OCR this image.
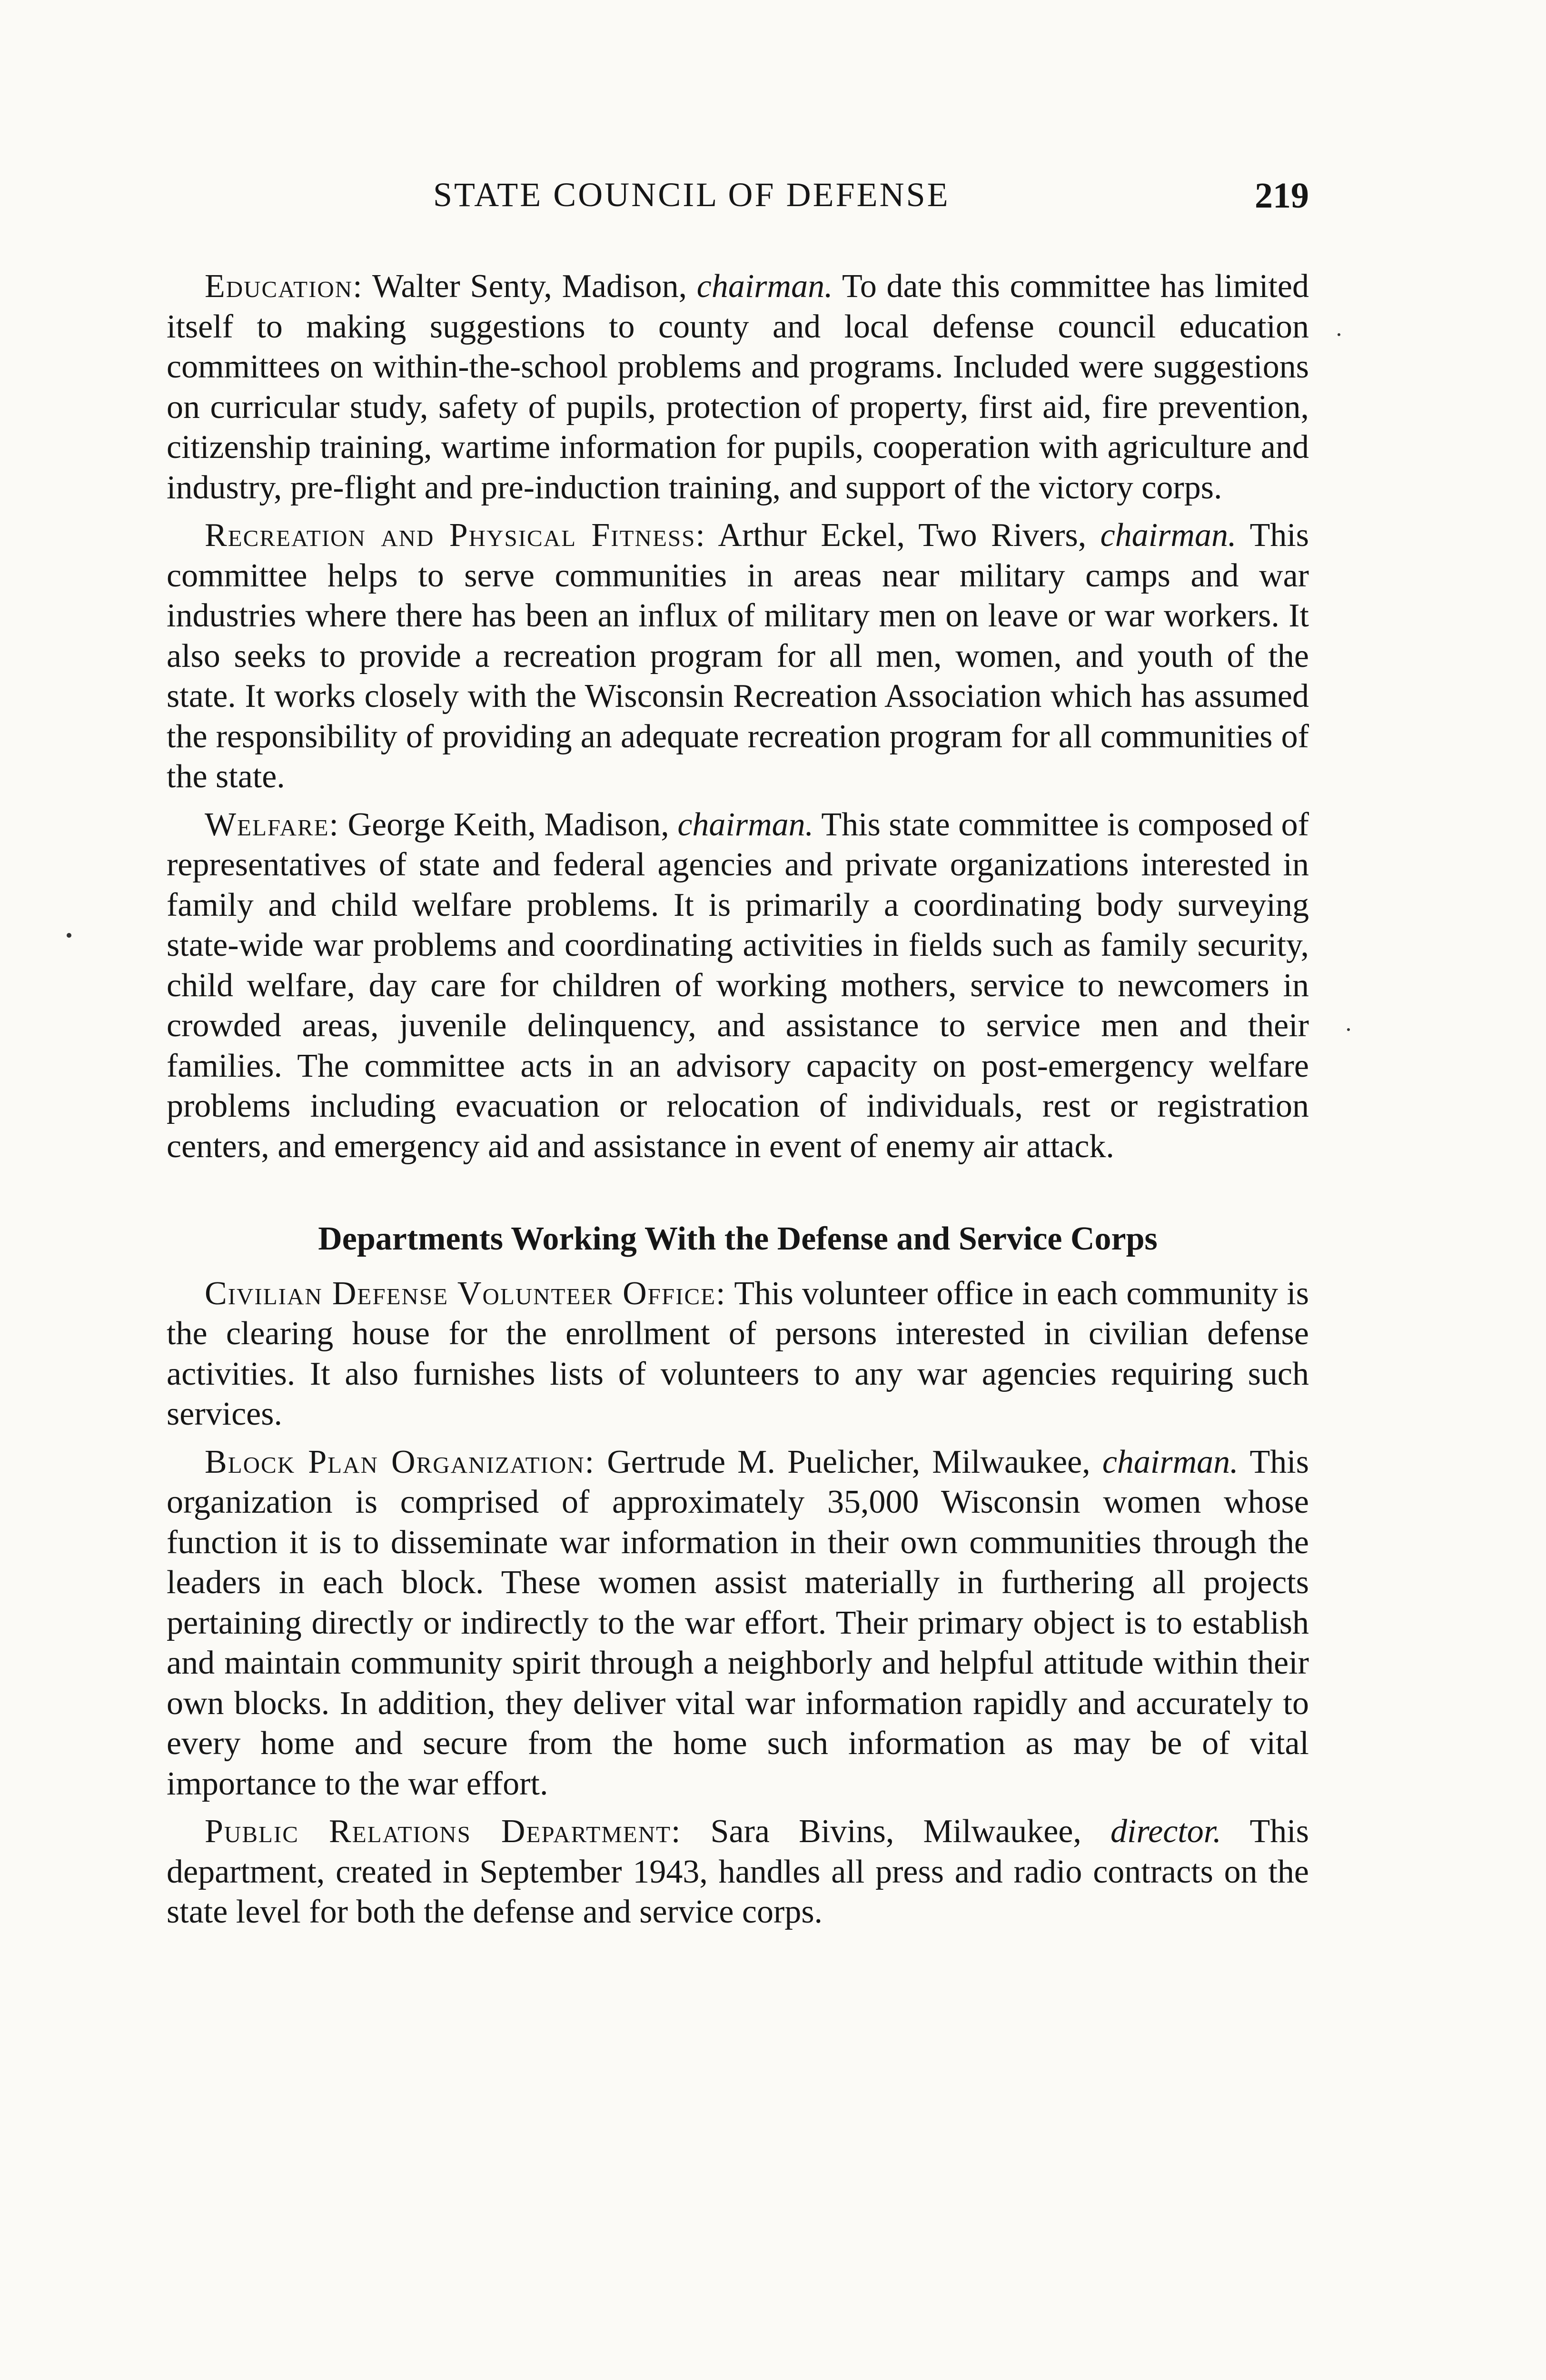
STATE COUNCIL OF DEFENSE	219

Education: Walter Senty, Madison, chairman. To date this committee has limited itself to making suggestions to county and local defense council education committees on within-the-school problems and programs. Included were suggestions on curricular study, safety of pupils, protection of property, first aid, fire prevention, citizenship training, wartime information for pupils, cooperation with agriculture and industry, pre-flight and pre-induction training, and support of the victory corps.

Recreation and Physical Fitness: Arthur Eckel, Two Rivers, chairman. This committee helps to serve communities in areas near military camps and war industries where there has been an influx of military men on leave or war workers. It also seeks to provide a recreation program for all men, women, and youth of the state. It works closely with the Wisconsin Recreation Association which has assumed the responsibility of providing an adequate recreation program for all communities of the state.

Welfare: George Keith, Madison, chairman. This state committee is composed of representatives of state and federal agencies and private organizations interested in family and child welfare problems. It is primarily a coordinating body surveying state-wide war problems and coordinating activities in fields such as family security, child welfare, day care for children of working mothers, service to newcomers in crowded areas, juvenile delinquency, and assistance to service men and their families. The committee acts in an advisory capacity on post-emergency welfare problems including evacuation or relocation of individuals, rest or registration centers, and emergency aid and assistance in event of enemy air attack.

Departments Working With the Defense and Service Corps

Civilian Defense Volunteer Office: This volunteer office in each community is the clearing house for the enrollment of persons interested in civilian defense activities. It also furnishes lists of volunteers to any war agencies requiring such services.

Block Plan Organization: Gertrude M. Puelicher, Milwaukee, chairman. This organization is comprised of approximately 35,000 Wisconsin women whose function it is to disseminate war information in their own communities through the leaders in each block. These women assist materially in furthering all projects pertaining directly or indirectly to the war effort. Their primary object is to establish and maintain community spirit through a neighborly and helpful attitude within their own blocks. In addition, they deliver vital war information rapidly and accurately to every home and secure from the home such information as may be of vital importance to the war effort.

Public Relations Department: Sara Bivins, Milwaukee, director. This department, created in September 1943, handles all press and radio contracts on the state level for both the defense and service corps.
